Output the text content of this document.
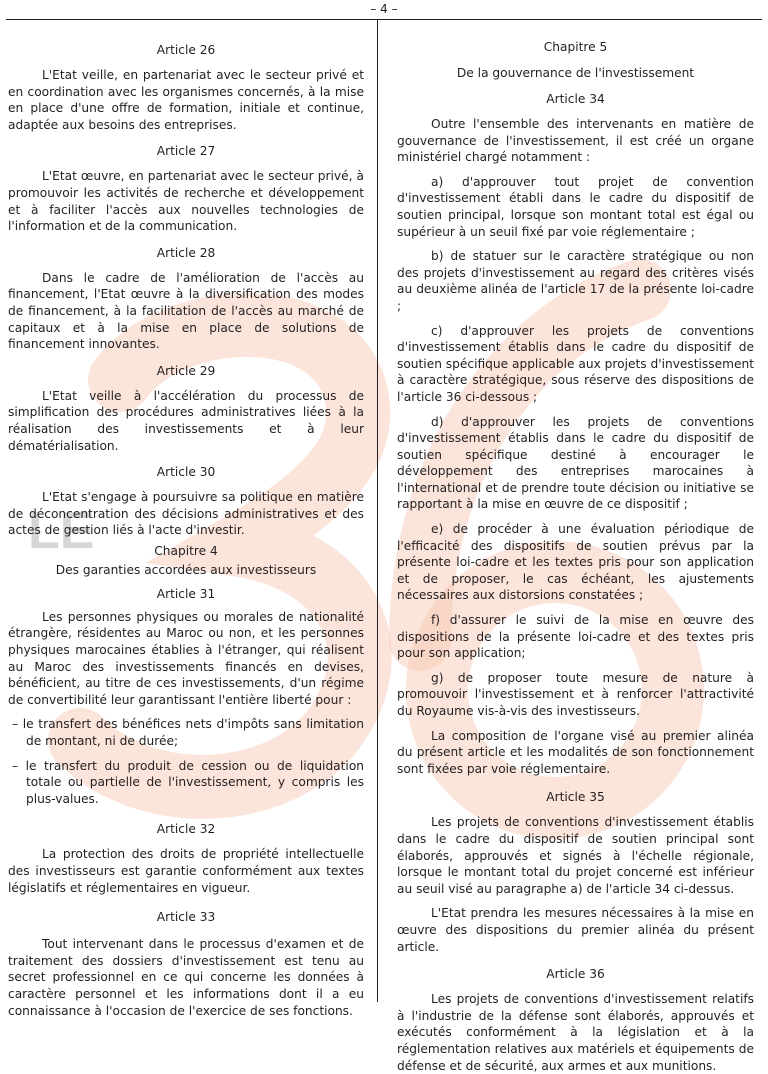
LE
– 4 –

Article 26

L'Etat veille, en partenariat avec le secteur privé et en coordination avec les organismes concernés, à la mise en place d'une offre de formation, initiale et continue, adaptée aux besoins des entreprises.

Article 27

L'Etat œuvre, en partenariat avec le secteur privé, à promouvoir les activités de recherche et développement et à faciliter l'accès aux nouvelles technologies de l'information et de la communication.

Article 28

Dans le cadre de l'amélioration de l'accès au financement, l'Etat œuvre à la diversification des modes de financement, à la facilitation de l'accès au marché de capitaux et à la mise en place de solutions de financement innovantes.

Article 29

L'Etat veille à l'accélération du processus de simplification des procédures administratives liées à la réalisation des investissements et à leur dématérialisation.

Article 30

L'Etat s'engage à poursuivre sa politique en matière de déconcentration des décisions administratives et des actes de gestion liés à l'acte d'investir.

Chapitre 4

Des garanties accordées aux investisseurs

Article 31

Les personnes physiques ou morales de nationalité étrangère, résidentes au Maroc ou non, et les personnes physiques marocaines établies à l'étranger, qui réalisent au Maroc des investissements financés en devises, bénéficient, au titre de ces investissements, d'un régime de convertibilité leur garantissant l'entière liberté pour :

– le transfert des bénéfices nets d'impôts sans limitation de montant, ni de durée;

– le transfert du produit de cession ou de liquidation totale ou partielle de l'investissement, y compris les plus-values.

Article 32

La protection des droits de propriété intellectuelle des investisseurs est garantie conformément aux textes législatifs et réglementaires en vigueur.

Article 33

Tout intervenant dans le processus d'examen et de traitement des dossiers d'investissement est tenu au secret professionnel en ce qui concerne les données à caractère personnel et les informations dont il a eu connaissance à l'occasion de l'exercice de ses fonctions.

Chapitre 5

De la gouvernance de l'investissement

Article 34

Outre l'ensemble des intervenants en matière de gouvernance de l'investissement, il est créé un organe ministériel chargé notamment :

a) d'approuver tout projet de convention d'investissement établi dans le cadre du dispositif de soutien principal, lorsque son montant total est égal ou supérieur à un seuil fixé par voie réglementaire ;

b) de statuer sur le caractère stratégique ou non des projets d'investissement au regard des critères visés au deuxième alinéa de l'article 17 de la présente loi-cadre ;

c) d'approuver les projets de conventions d'investissement établis dans le cadre du dispositif de soutien spécifique applicable aux projets d'investissement à caractère stratégique, sous réserve des dispositions de l'article 36 ci-dessous ;

d) d'approuver les projets de conventions d'investissement établis dans le cadre du dispositif de soutien spécifique destiné à encourager le développement des entreprises marocaines à l'international et de prendre toute décision ou initiative se rapportant à la mise en œuvre de ce dispositif ;

e) de procéder à une évaluation périodique de l'efficacité des dispositifs de soutien prévus par la présente loi-cadre et les textes pris pour son application et de proposer, le cas échéant, les ajustements nécessaires aux distorsions constatées ;

f) d'assurer le suivi de la mise en œuvre des dispositions de la présente loi-cadre et des textes pris pour son application;

g) de proposer toute mesure de nature à promouvoir l'investissement et à renforcer l'attractivité du Royaume vis-à-vis des investisseurs.

La composition de l'organe visé au premier alinéa du présent article et les modalités de son fonctionnement sont fixées par voie réglementaire.

Article 35

Les projets de conventions d'investissement établis dans le cadre du dispositif de soutien principal sont élaborés, approuvés et signés à l'échelle régionale, lorsque le montant total du projet concerné est inférieur au seuil visé au paragraphe a) de l'article 34 ci-dessus.

L'Etat prendra les mesures nécessaires à la mise en œuvre des dispositions du premier alinéa du présent article.

Article 36

Les projets de conventions d'investissement relatifs à l'industrie de la défense sont élaborés, approuvés et exécutés conformément à la législation et à la réglementation relatives aux matériels et équipements de défense et de sécurité, aux armes et aux munitions.
